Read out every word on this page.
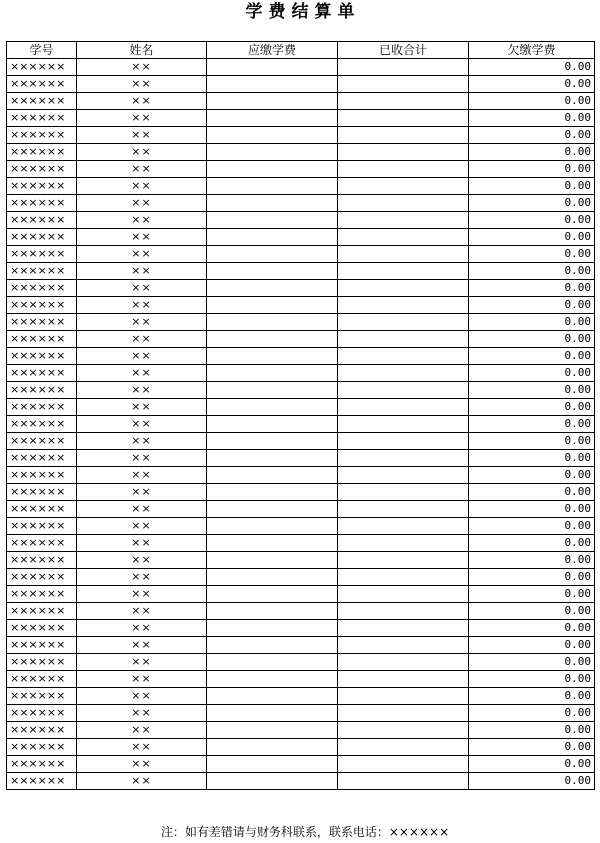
学费结算单
学号	姓名	应缴学费	已收合计	欠缴学费
××××××	××			0.00
××××××	××			0.00
××××××	××			0.00
××××××	××			0.00
××××××	××			0.00
××××××	××			0.00
××××××	××			0.00
××××××	××			0.00
××××××	××			0.00
××××××	××			0.00
××××××	××			0.00
××××××	××			0.00
××××××	××			0.00
××××××	××			0.00
××××××	××			0.00
××××××	××			0.00
××××××	××			0.00
××××××	××			0.00
××××××	××			0.00
××××××	××			0.00
××××××	××			0.00
××××××	××			0.00
××××××	××			0.00
××××××	××			0.00
××××××	××			0.00
××××××	××			0.00
××××××	××			0.00
××××××	××			0.00
××××××	××			0.00
××××××	××			0.00
××××××	××			0.00
××××××	××			0.00
××××××	××			0.00
××××××	××			0.00
××××××	××			0.00
××××××	××			0.00
××××××	××			0.00
××××××	××			0.00
××××××	××			0.00
××××××	××			0.00
××××××	××			0.00
××××××	××			0.00
××××××	××			0.00
注：如有差错请与财务科联系，联系电话：××××××
